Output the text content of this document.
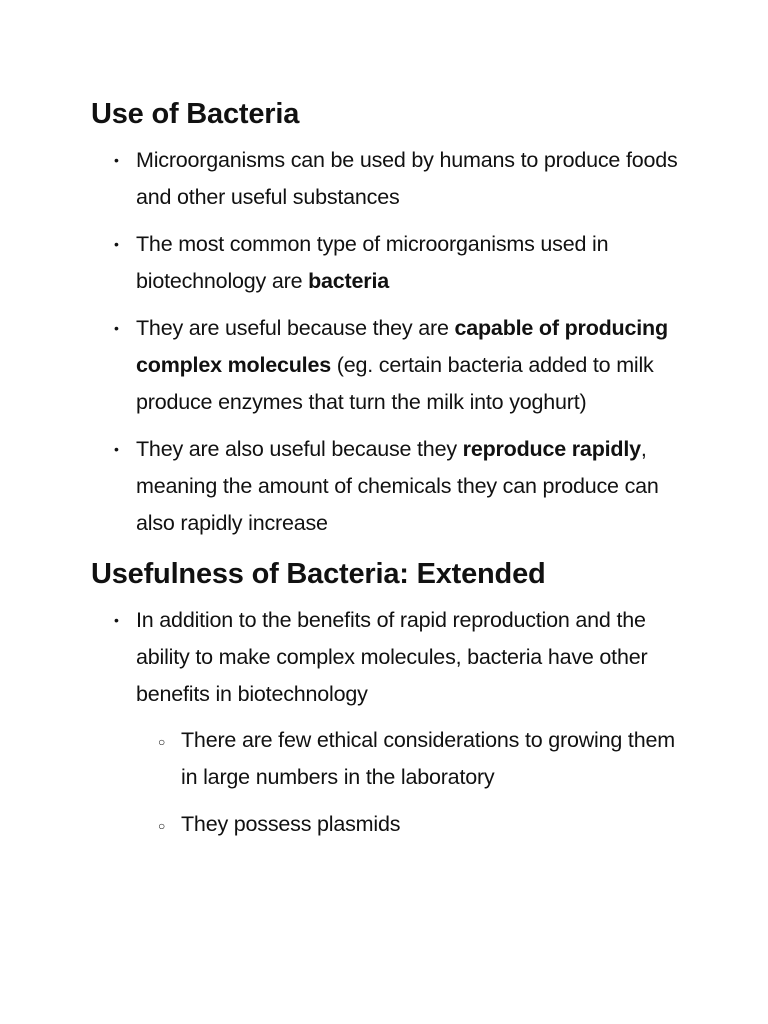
Use of Bacteria
• Microorganisms can be used by humans to produce foods and other useful substances
• The most common type of microorganisms used in biotechnology are bacteria
• They are useful because they are capable of producing complex molecules (eg. certain bacteria added to milk produce enzymes that turn the milk into yoghurt)
• They are also useful because they reproduce rapidly, meaning the amount of chemicals they can produce can also rapidly increase
Usefulness of Bacteria: Extended
• In addition to the benefits of rapid reproduction and the ability to make complex molecules, bacteria have other benefits in biotechnology
○ There are few ethical considerations to growing them in large numbers in the laboratory
○ They possess plasmids
